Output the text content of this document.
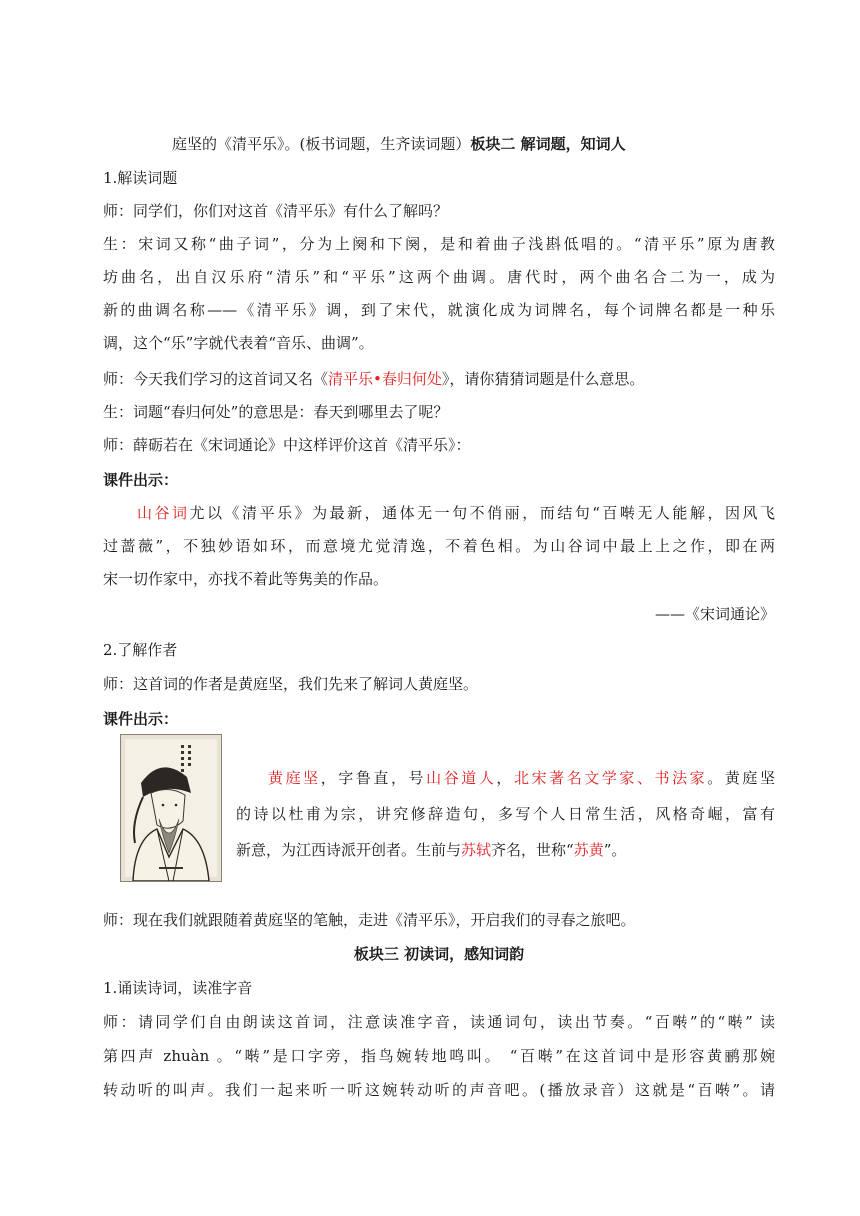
庭坚的《清平乐》。(板书词题，生齐读词题）板块二 解词题，知词人
1.解读词题
师：同学们，你们对这首《清平乐》有什么了解吗？
生：宋词又称“曲子词”，分为上阕和下阕，是和着曲子浅斟低唱的。“清平乐”原为唐教
坊曲名，出自汉乐府“清乐”和“平乐”这两个曲调。唐代时，两个曲名合二为一，成为
新的曲调名称——《清平乐》调，到了宋代，就演化成为词牌名，每个词牌名都是一种乐
调，这个“乐”字就代表着“音乐、曲调”。
师：今天我们学习的这首词又名《清平乐•春归何处》，请你猜猜词题是什么意思。
生：词题“春归何处”的意思是：春天到哪里去了呢？
师：薛砺若在《宋词通论》中这样评价这首《清平乐》：
课件出示：
山谷词尤以《清平乐》为最新，通体无一句不俏丽，而结句“百啭无人能解，因风飞
过蔷薇”，不独妙语如环，而意境尤觉清逸，不着色相。为山谷词中最上上之作，即在两
宋一切作家中，亦找不着此等隽美的作品。
——《宋词通论》
2.了解作者
师：这首词的作者是黄庭坚，我们先来了解词人黄庭坚。
课件出示：
黄庭坚，字鲁直，号山谷道人，北宋著名文学家、书法家。黄庭坚
的诗以杜甫为宗，讲究修辞造句，多写个人日常生活，风格奇崛，富有
新意，为江西诗派开创者。生前与苏轼齐名，世称“苏黄”。
师：现在我们就跟随着黄庭坚的笔触，走进《清平乐》，开启我们的寻春之旅吧。
板块三 初读词，感知词韵
1.诵读诗词，读准字音
师：请同学们自由朗读这首词，注意读准字音，读通词句，读出节奏。“百啭”的“啭” 读
第四声 zhuàn 。“啭”是口字旁，指鸟婉转地鸣叫。 “百啭”在这首词中是形容黄鹂那婉
转动听的叫声。我们一起来听一听这婉转动听的声音吧。(播放录音）这就是“百啭”。请
